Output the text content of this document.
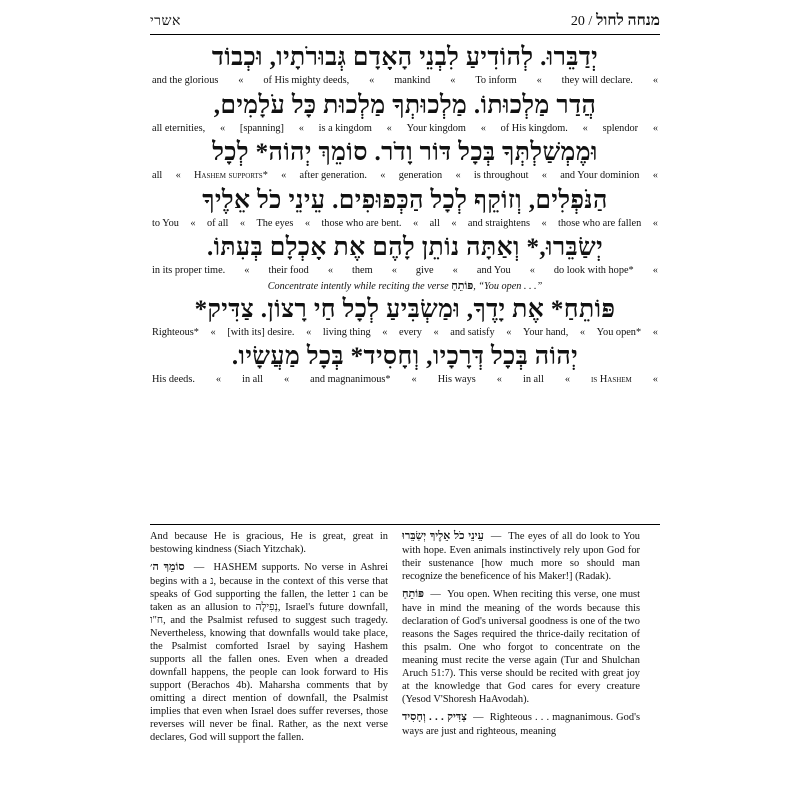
אשרי	מנחה לחול / 20
יְדַבֵּרוּ. לְהוֹדִיעַ לִבְנֵי הָאָדָם גְּבוּרֹתָיו, וּכְבוֹד
«
they will declare.
«
To inform
«
mankind
«
of His mighty deeds,
«
and the glorious
הֲדַר מַלְכוּתוֹ. מַלְכוּתְךָ מַלְכוּת כָּל עֹלָמִים,
«
splendor
«
of His kingdom.
«
Your kingdom
«
is a kingdom
«
[spanning]
«
all eternities,
וּמֶמְשַׁלְתְּךָ בְּכָל דּוֹר וָדֹר. סוֹמֵךְ יְהוֹה* לְכָל
«
and Your dominion
«
is throughout
«
generation
«
after generation.
«
Hashem supports*
«
all
הַנֹּפְלִים, וְזוֹקֵף לְכָל הַכְּפוּפִים. עֵינֵי כֹל אֵלֶיךָ
«
those who are fallen
«
and straightens
«
all
«
those who are bent.
«
The eyes
«
of all
«
to You
יְשַׂבֵּרוּ,* וְאַתָּה נוֹתֵן לָהֶם אֶת אָכְלָם בְּעִתּוֹ.
«
do look with hope*
«
and You
«
give
«
them
«
their food
«
in its proper time.
Concentrate intently while reciting the verse פּוֹתֵחַ, “You open . . .”
פּוֹתֵחַ* אֶת יָדֶךָ, וּמַשְׂבִּיעַ לְכָל חַי רָצוֹן. צַדִּיק*
«
You open*
«
Your hand,
«
and satisfy
«
every
«
living thing
«
[with its] desire.
«
Righteous*
יְהוֹה בְּכָל דְּרָכָיו, וְחָסִיד* בְּכָל מַעֲשָׂיו.
«
is Hashem
«
in all
«
His ways
«
and magnanimous*
«
in all
«
His deeds.

And because He is gracious, He is great, great in bestowing kindness (Siach Yitzchak).

סוֹמֵךְ ה׳  —  HASHEM supports. No verse in Ashrei begins with a נ, because in the context of this verse that speaks of God supporting the fallen, the letter נ can be taken as an allusion to נְפִילָה, Israel's future downfall, ח"ו, and the Psalmist refused to suggest such tragedy. Nevertheless, knowing that downfalls would take place, the Psalmist comforted Israel by saying Hashem supports all the fallen ones. Even when a dreaded downfall happens, the people can look forward to His support (Berachos 4b). Maharsha comments that by omitting a direct mention of downfall, the Psalmist implies that even when Israel does suffer reverses, those reverses will never be final. Rather, as the next verse declares, God will support the fallen.

עֵינֵי כֹל אֵלֶיךָ יְשַׂבֵּרוּ  —  The eyes of all do look to You with hope. Even animals instinctively rely upon God for their sustenance [how much more so should man recognize the beneficence of his Maker!] (Radak).

פּוֹתֵחַ  —  You open. When reciting this verse, one must have in mind the meaning of the words because this declaration of God's universal goodness is one of the two reasons the Sages required the thrice-daily recitation of this psalm. One who forgot to concentrate on the meaning must recite the verse again (Tur and Shulchan Aruch 51:7). This verse should be recited with great joy at the knowledge that God cares for every creature (Yesod V'Shoresh HaAvodah).

צַדִּיק . . . וְחָסִיד  —  Righteous . . . magnanimous. God's ways are just and righteous, meaning
